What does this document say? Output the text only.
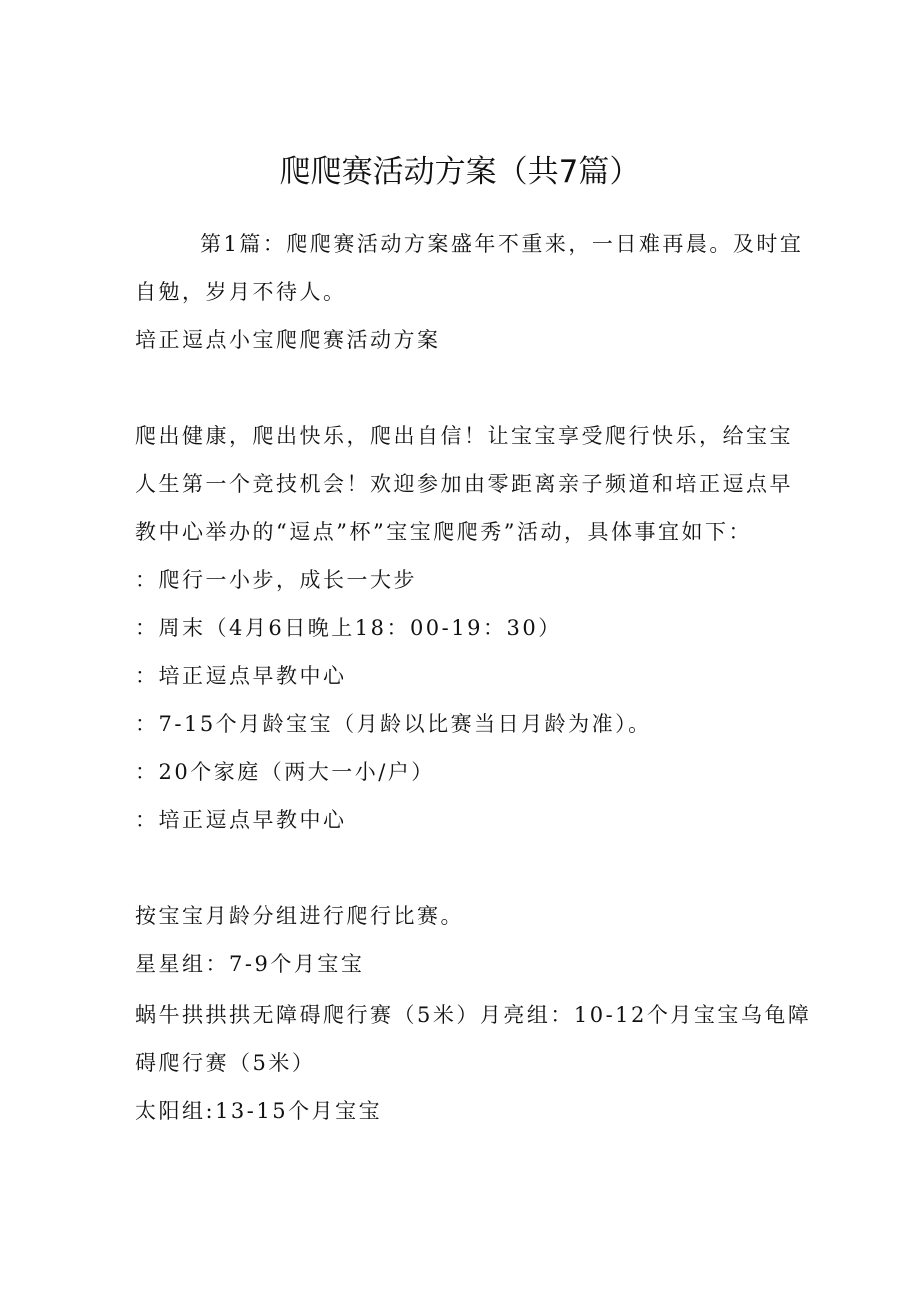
爬爬赛活动方案（共7篇）
第1篇：爬爬赛活动方案盛年不重来，一日难再晨。及时宜
自勉，岁月不待人。
培正逗点小宝爬爬赛活动方案
爬出健康，爬出快乐，爬出自信！让宝宝享受爬行快乐，给宝宝
人生第一个竞技机会！欢迎参加由零距离亲子频道和培正逗点早
教中心举办的“逗点”杯”宝宝爬爬秀”活动，具体事宜如下：
：爬行一小步，成长一大步
：周末（4月6日晚上18：00-19：30）
：培正逗点早教中心
：7-15个月龄宝宝（月龄以比赛当日月龄为准）。
：20个家庭（两大一小/户）
：培正逗点早教中心
按宝宝月龄分组进行爬行比赛。
星星组：7-9个月宝宝
蜗牛拱拱拱无障碍爬行赛（5米）月亮组：10-12个月宝宝乌龟障
碍爬行赛（5米）
太阳组:13-15个月宝宝
